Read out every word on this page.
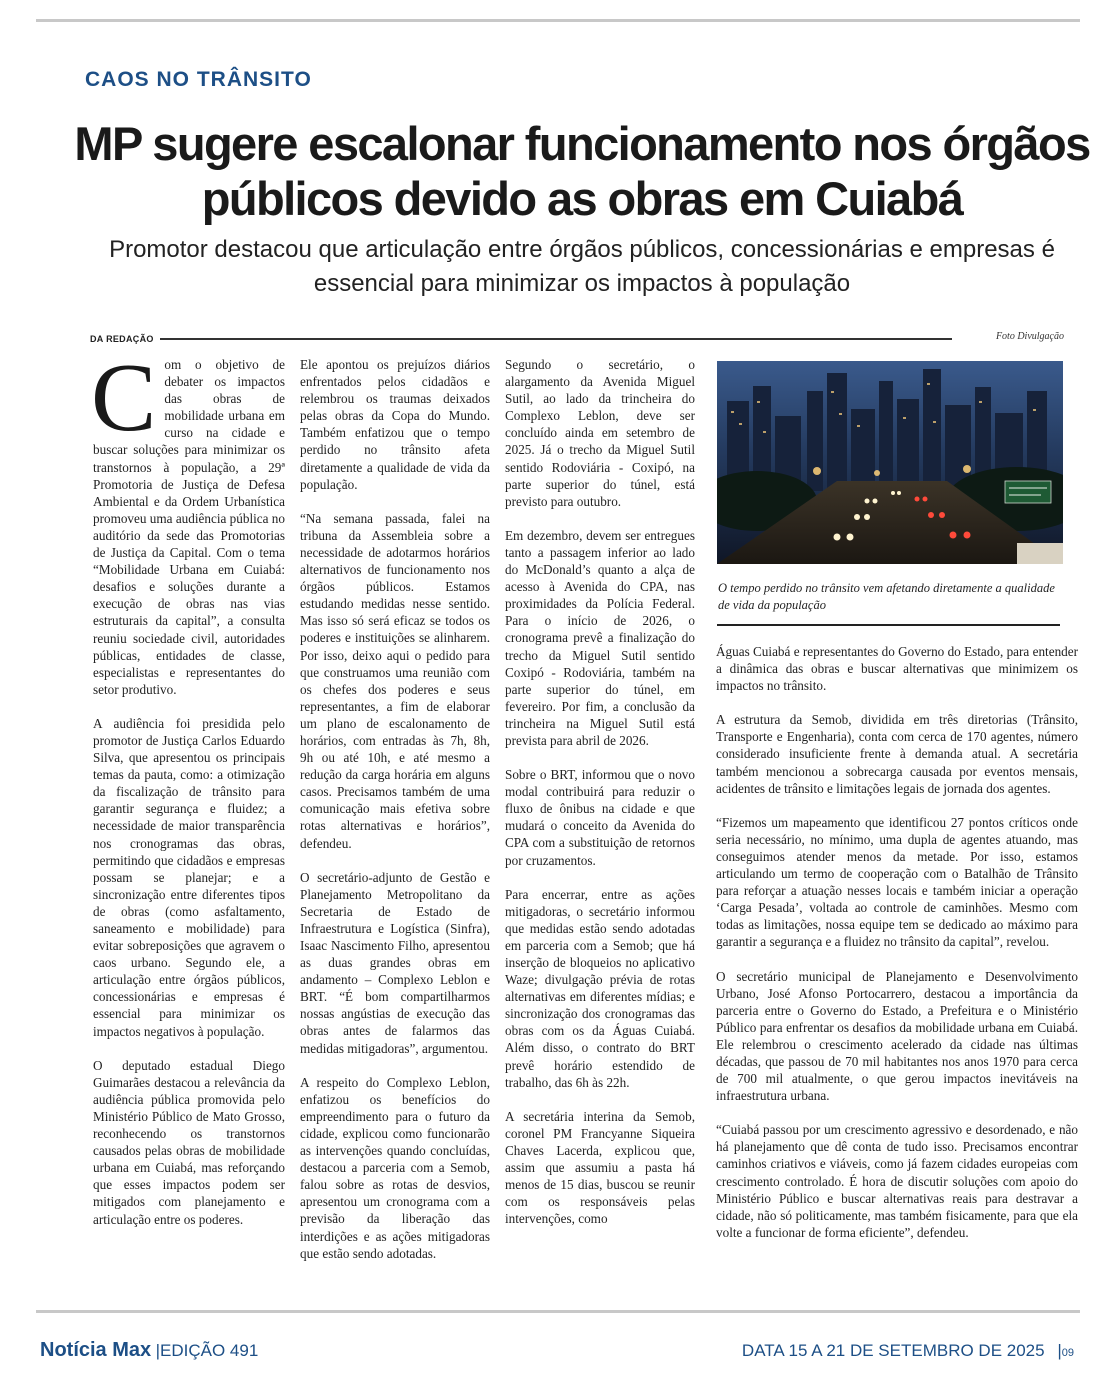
CAOS NO TRÂNSITO
MP sugere escalonar funcionamento nos órgãos públicos devido as obras em Cuiabá

Promotor destacou que articulação entre órgãos públicos, concessionárias e empresas é essencial para minimizar os impactos à população

DA REDAÇÃO	Foto Divulgação

Com o objetivo de debater os impactos das obras de mobilidade urbana em curso na cidade e buscar soluções para minimizar os transtornos à população, a 29ª Promotoria de Justiça de Defesa Ambiental e da Ordem Urbanística promoveu uma audiência pública no auditório da sede das Promotorias de Justiça da Capital. Com o tema “Mobilidade Urbana em Cuiabá: desafios e soluções durante a execução de obras nas vias estruturais da capital”, a consulta reuniu sociedade civil, autoridades públicas, entidades de classe, especialistas e representantes do setor produtivo.

A audiência foi presidida pelo promotor de Justiça Carlos Eduardo Silva, que apresentou os principais temas da pauta, como: a otimização da fiscalização de trânsito para garantir segurança e fluidez; a necessidade de maior transparência nos cronogramas das obras, permitindo que cidadãos e empresas possam se planejar; e a sincronização entre diferentes tipos de obras (como asfaltamento, saneamento e mobilidade) para evitar sobreposições que agravem o caos urbano. Segundo ele, a articulação entre órgãos públicos, concessionárias e empresas é essencial para minimizar os impactos negativos à população.

O deputado estadual Diego Guimarães destacou a relevância da audiência pública promovida pelo Ministério Público de Mato Grosso, reconhecendo os transtornos causados pelas obras de mobilidade urbana em Cuiabá, mas reforçando que esses impactos podem ser mitigados com planejamento e articulação entre os poderes.

Ele apontou os prejuízos diários enfrentados pelos cidadãos e relembrou os traumas deixados pelas obras da Copa do Mundo. Também enfatizou que o tempo perdido no trânsito afeta diretamente a qualidade de vida da população.

“Na semana passada, falei na tribuna da Assembleia sobre a necessidade de adotarmos horários alternativos de funcionamento nos órgãos públicos. Estamos estudando medidas nesse sentido. Mas isso só será eficaz se todos os poderes e instituições se alinharem. Por isso, deixo aqui o pedido para que construamos uma reunião com os chefes dos poderes e seus representantes, a fim de elaborar um plano de escalonamento de horários, com entradas às 7h, 8h, 9h ou até 10h, e até mesmo a redução da carga horária em alguns casos. Precisamos também de uma comunicação mais efetiva sobre rotas alternativas e horários”, defendeu.

O secretário-adjunto de Gestão e Planejamento Metropolitano da Secretaria de Estado de Infraestrutura e Logística (Sinfra), Isaac Nascimento Filho, apresentou as duas grandes obras em andamento – Complexo Leblon e BRT. “É bom compartilharmos nossas angústias de execução das obras antes de falarmos das medidas mitigadoras”, argumentou.

A respeito do Complexo Leblon, enfatizou os benefícios do empreendimento para o futuro da cidade, explicou como funcionarão as intervenções quando concluídas, destacou a parceria com a Semob, falou sobre as rotas de desvios, apresentou um cronograma com a previsão da liberação das interdições e as ações mitigadoras que estão sendo adotadas.

Segundo o secretário, o alargamento da Avenida Miguel Sutil, ao lado da trincheira do Complexo Leblon, deve ser concluído ainda em setembro de 2025. Já o trecho da Miguel Sutil sentido Rodoviária - Coxipó, na parte superior do túnel, está previsto para outubro.

Em dezembro, devem ser entregues tanto a passagem inferior ao lado do McDonald’s quanto a alça de acesso à Avenida do CPA, nas proximidades da Polícia Federal. Para o início de 2026, o cronograma prevê a finalização do trecho da Miguel Sutil sentido Coxipó - Rodoviária, também na parte superior do túnel, em fevereiro. Por fim, a conclusão da trincheira na Miguel Sutil está prevista para abril de 2026.

Sobre o BRT, informou que o novo modal contribuirá para reduzir o fluxo de ônibus na cidade e que mudará o conceito da Avenida do CPA com a substituição de retornos por cruzamentos.

Para encerrar, entre as ações mitigadoras, o secretário informou que medidas estão sendo adotadas em parceria com a Semob; que há inserção de bloqueios no aplicativo Waze; divulgação prévia de rotas alternativas em diferentes mídias; e sincronização dos cronogramas das obras com os da Águas Cuiabá. Além disso, o contrato do BRT prevê horário estendido de trabalho, das 6h às 22h.

A secretária interina da Semob, coronel PM Francyanne Siqueira Chaves Lacerda, explicou que, assim que assumiu a pasta há menos de 15 dias, buscou se reunir com os responsáveis pelas intervenções, como

O tempo perdido no trânsito vem afetando diretamente a qualidade de vida da população

Águas Cuiabá e representantes do Governo do Estado, para entender a dinâmica das obras e buscar alternativas que minimizem os impactos no trânsito.

A estrutura da Semob, dividida em três diretorias (Trânsito, Transporte e Engenharia), conta com cerca de 170 agentes, número considerado insuficiente frente à demanda atual. A secretária também mencionou a sobrecarga causada por eventos mensais, acidentes de trânsito e limitações legais de jornada dos agentes.

“Fizemos um mapeamento que identificou 27 pontos críticos onde seria necessário, no mínimo, uma dupla de agentes atuando, mas conseguimos atender menos da metade. Por isso, estamos articulando um termo de cooperação com o Batalhão de Trânsito para reforçar a atuação nesses locais e também iniciar a operação ‘Carga Pesada’, voltada ao controle de caminhões. Mesmo com todas as limitações, nossa equipe tem se dedicado ao máximo para garantir a segurança e a fluidez no trânsito da capital”, revelou.

O secretário municipal de Planejamento e Desenvolvimento Urbano, José Afonso Portocarrero, destacou a importância da parceria entre o Governo do Estado, a Prefeitura e o Ministério Público para enfrentar os desafios da mobilidade urbana em Cuiabá. Ele relembrou o crescimento acelerado da cidade nas últimas décadas, que passou de 70 mil habitantes nos anos 1970 para cerca de 700 mil atualmente, o que gerou impactos inevitáveis na infraestrutura urbana.

“Cuiabá passou por um crescimento agressivo e desordenado, e não há planejamento que dê conta de tudo isso. Precisamos encontrar caminhos criativos e viáveis, como já fazem cidades europeias com crescimento controlado. É hora de discutir soluções com apoio do Ministério Público e buscar alternativas reais para destravar a cidade, não só politicamente, mas também fisicamente, para que ela volte a funcionar de forma eficiente”, defendeu.

Notícia Max |EDIÇÃO 491	DATA 15 A 21 DE SETEMBRO DE 2025 |09
